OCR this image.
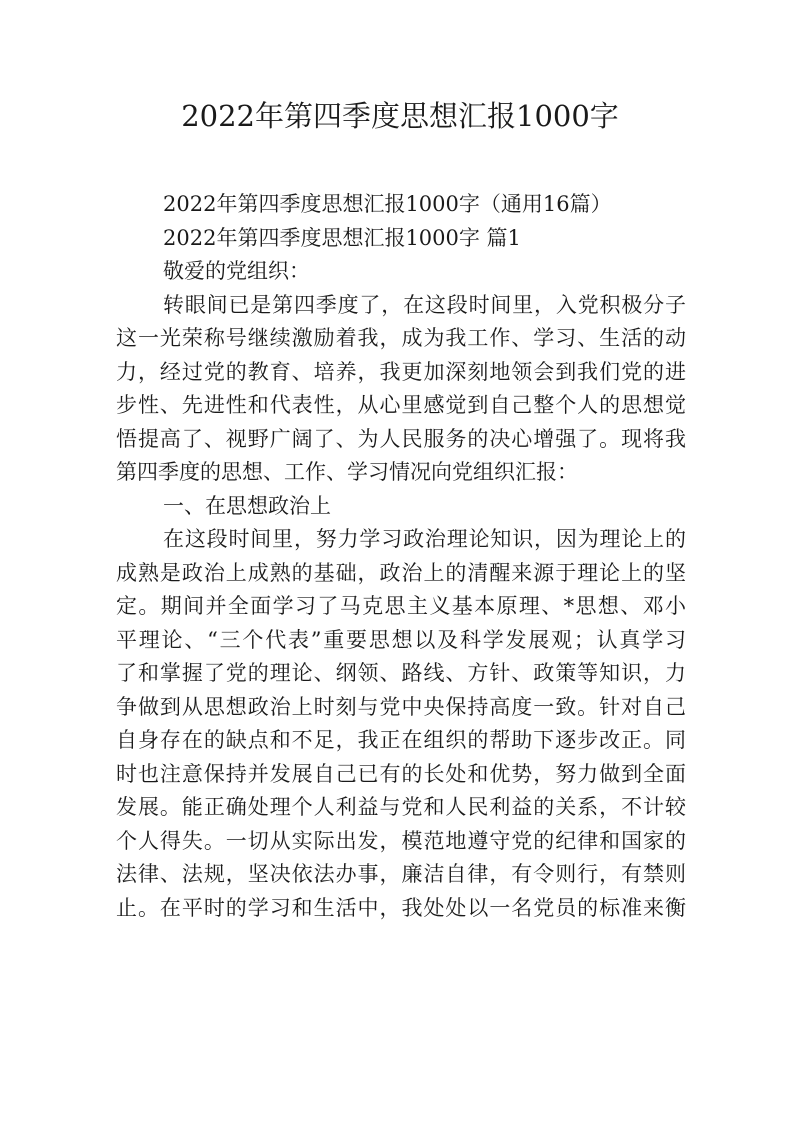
2022年第四季度思想汇报1000字
2022年第四季度思想汇报1000字（通用16篇）
2022年第四季度思想汇报1000字 篇1
敬爱的党组织：
转眼间已是第四季度了，在这段时间里，入党积极分子
这一光荣称号继续激励着我，成为我工作、学习、生活的动
力，经过党的教育、培养，我更加深刻地领会到我们党的进
步性、先进性和代表性，从心里感觉到自己整个人的思想觉
悟提高了、视野广阔了、为人民服务的决心增强了。现将我
第四季度的思想、工作、学习情况向党组织汇报：
一、在思想政治上
在这段时间里，努力学习政治理论知识，因为理论上的
成熟是政治上成熟的基础，政治上的清醒来源于理论上的坚
定。期间并全面学习了马克思主义基本原理、*思想、邓小
平理论、“三个代表”重要思想以及科学发展观；认真学习
了和掌握了党的理论、纲领、路线、方针、政策等知识，力
争做到从思想政治上时刻与党中央保持高度一致。针对自己
自身存在的缺点和不足，我正在组织的帮助下逐步改正。同
时也注意保持并发展自己已有的长处和优势，努力做到全面
发展。能正确处理个人利益与党和人民利益的关系，不计较
个人得失。一切从实际出发，模范地遵守党的纪律和国家的
法律、法规，坚决依法办事，廉洁自律，有令则行，有禁则
止。在平时的学习和生活中，我处处以一名党员的标准来衡
